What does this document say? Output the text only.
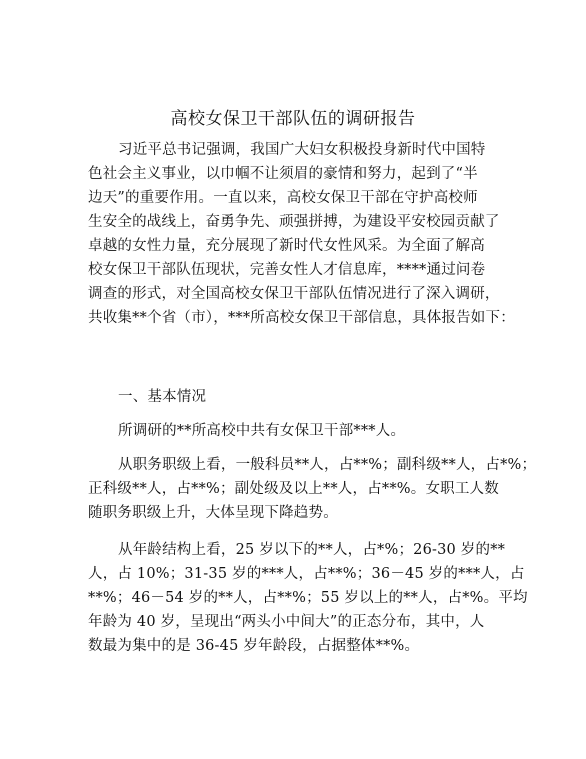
高校女保卫干部队伍的调研报告
习近平总书记强调，我国广大妇女积极投身新时代中国特
色社会主义事业，以巾帼不让须眉的豪情和努力，起到了“半
边天”的重要作用。一直以来，高校女保卫干部在守护高校师
生安全的战线上，奋勇争先、顽强拼搏，为建设平安校园贡献了
卓越的女性力量，充分展现了新时代女性风采。为全面了解高
校女保卫干部队伍现状，完善女性人才信息库，****通过问卷
调查的形式，对全国高校女保卫干部队伍情况进行了深入调研，
共收集**个省（市），***所高校女保卫干部信息，具体报告如下：
一、基本情况
所调研的**所高校中共有女保卫干部***人。
从职务职级上看，一般科员**人，占**%；副科级**人，占*%；
正科级**人，占**%；副处级及以上**人，占**%。女职工人数
随职务职级上升，大体呈现下降趋势。
从年龄结构上看，25 岁以下的**人，占*%；26-30 岁的**
人，占 10%；31-35 岁的***人，占**%；36－45 岁的***人，占
**%；46－54 岁的**人，占**%；55 岁以上的**人，占*%。平均
年龄为 40 岁，呈现出“两头小中间大”的正态分布，其中，人
数最为集中的是 36-45 岁年龄段，占据整体**%。
